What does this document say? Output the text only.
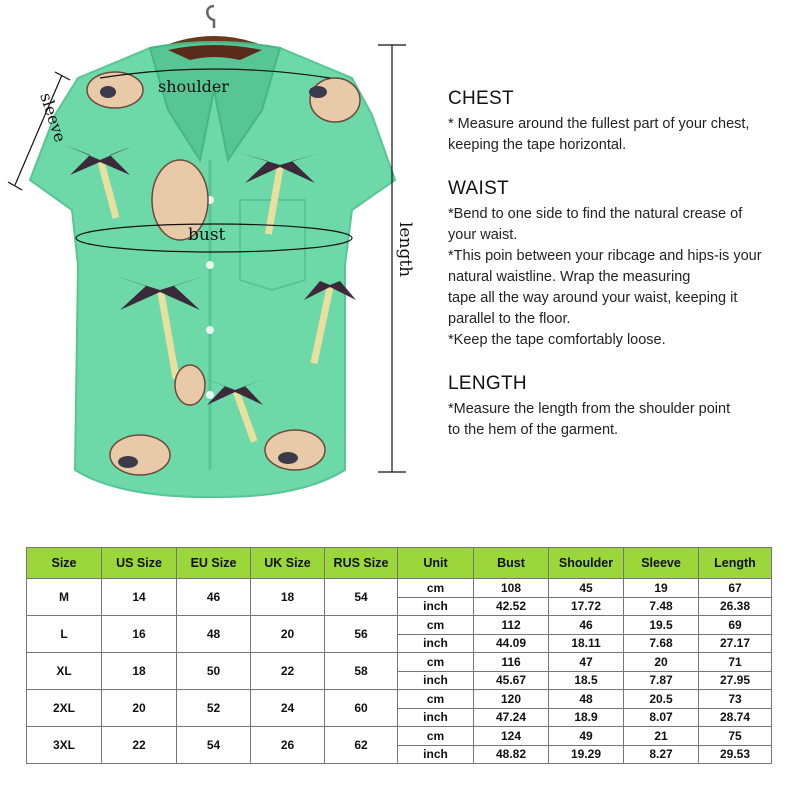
shoulder
sleeve
bust	length
CHEST

* Measure around the fullest part of your chest,

keeping the tape horizontal.

WAIST

*Bend to one side to find the natural crease of

your waist.

*This poin between your ribcage and hips-is your

natural waistline. Wrap the measuring

tape all the way around your waist, keeping it

parallel to the floor.

*Keep the tape comfortably loose.

LENGTH

*Measure the length from the shoulder point

to the hem of the garment.

Size	US Size	EU Size	UK Size	RUS Size	Unit	Bust	Shoulder	Sleeve	Length
M	14	46	18	54	cm	108	45	19	67
					inch	42.52	17.72	7.48	26.38
L	16	48	20	56	cm	112	46	19.5	69
					inch	44.09	18.11	7.68	27.17
XL	18	50	22	58	cm	116	47	20	71
					inch	45.67	18.5	7.87	27.95
2XL	20	52	24	60	cm	120	48	20.5	73
					inch	47.24	18.9	8.07	28.74
3XL	22	54	26	62	cm	124	49	21	75
					inch	48.82	19.29	8.27	29.53
